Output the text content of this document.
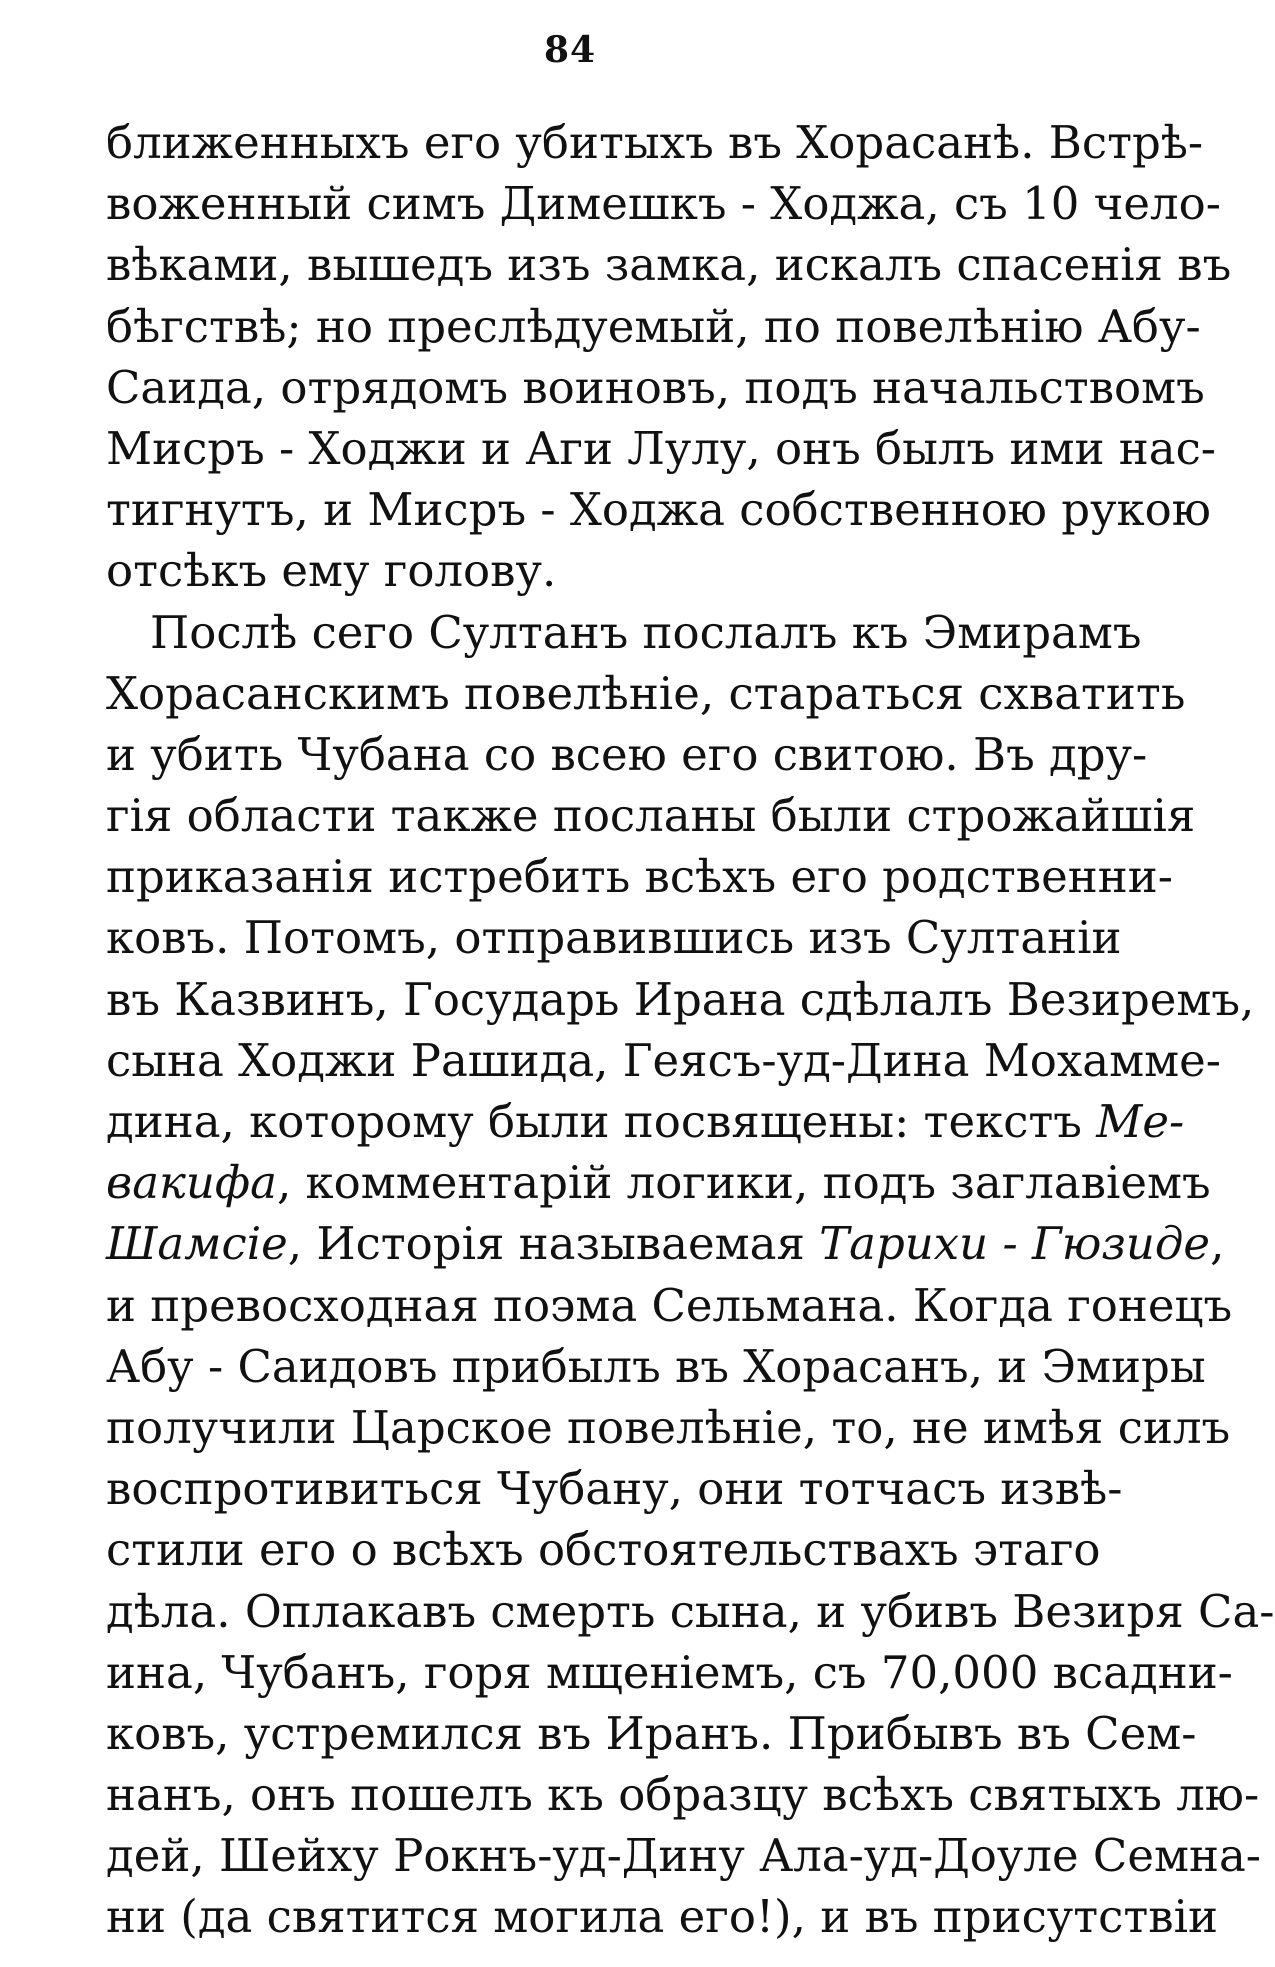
84
ближенныхъ его убитыхъ въ Хорасанѣ. Встрѣ-
воженный симъ Димешкъ - Ходжа, съ 10 чело-
вѣками, вышедъ изъ замка, искалъ спасенія въ
бѣгствѣ; но преслѣдуемый, по повелѣнію Абу-
Саида, отрядомъ воиновъ, подъ начальствомъ
Мисръ - Ходжи и Аги Лулу, онъ былъ ими нас-
тигнутъ, и Мисръ - Ходжа собственною рукою
отсѣкъ ему голову.
Послѣ сего Султанъ послалъ къ Эмирамъ
Хорасанскимъ повелѣніе, стараться схватить
и убить Чубана со всею его свитою. Въ дру-
гія области также посланы были строжайшія
приказанія истребить всѣхъ его родственни-
ковъ. Потомъ, отправившись изъ Султаніи
въ Казвинъ, Государь Ирана сдѣлалъ Везиремъ,
сына Ходжи Рашида, Геясъ-уд-Дина Мохамме-
дина, которому были посвящены: текстъ Ме-
вакифа, комментарій логики, подъ заглавіемъ
Шамсіе, Исторія называемая Тарихи - Гюзиде,
и превосходная поэма Сельмана. Когда гонецъ
Абу - Саидовъ прибылъ въ Хорасанъ, и Эмиры
получили Царское повелѣніе, то, не имѣя силъ
воспротивиться Чубану, они тотчасъ извѣ-
стили его о всѣхъ обстоятельствахъ этаго
дѣла. Оплакавъ смерть сына, и убивъ Везиря Са-
ина, Чубанъ, горя мщеніемъ, съ 70,000 всадни-
ковъ, устремился въ Иранъ. Прибывъ въ Сем-
нанъ, онъ пошелъ къ образцу всѣхъ святыхъ лю-
дей, Шейху Рокнъ-уд-Дину Ала-уд-Доуле Семна-
ни (да святится могила его!), и въ присутствіи
